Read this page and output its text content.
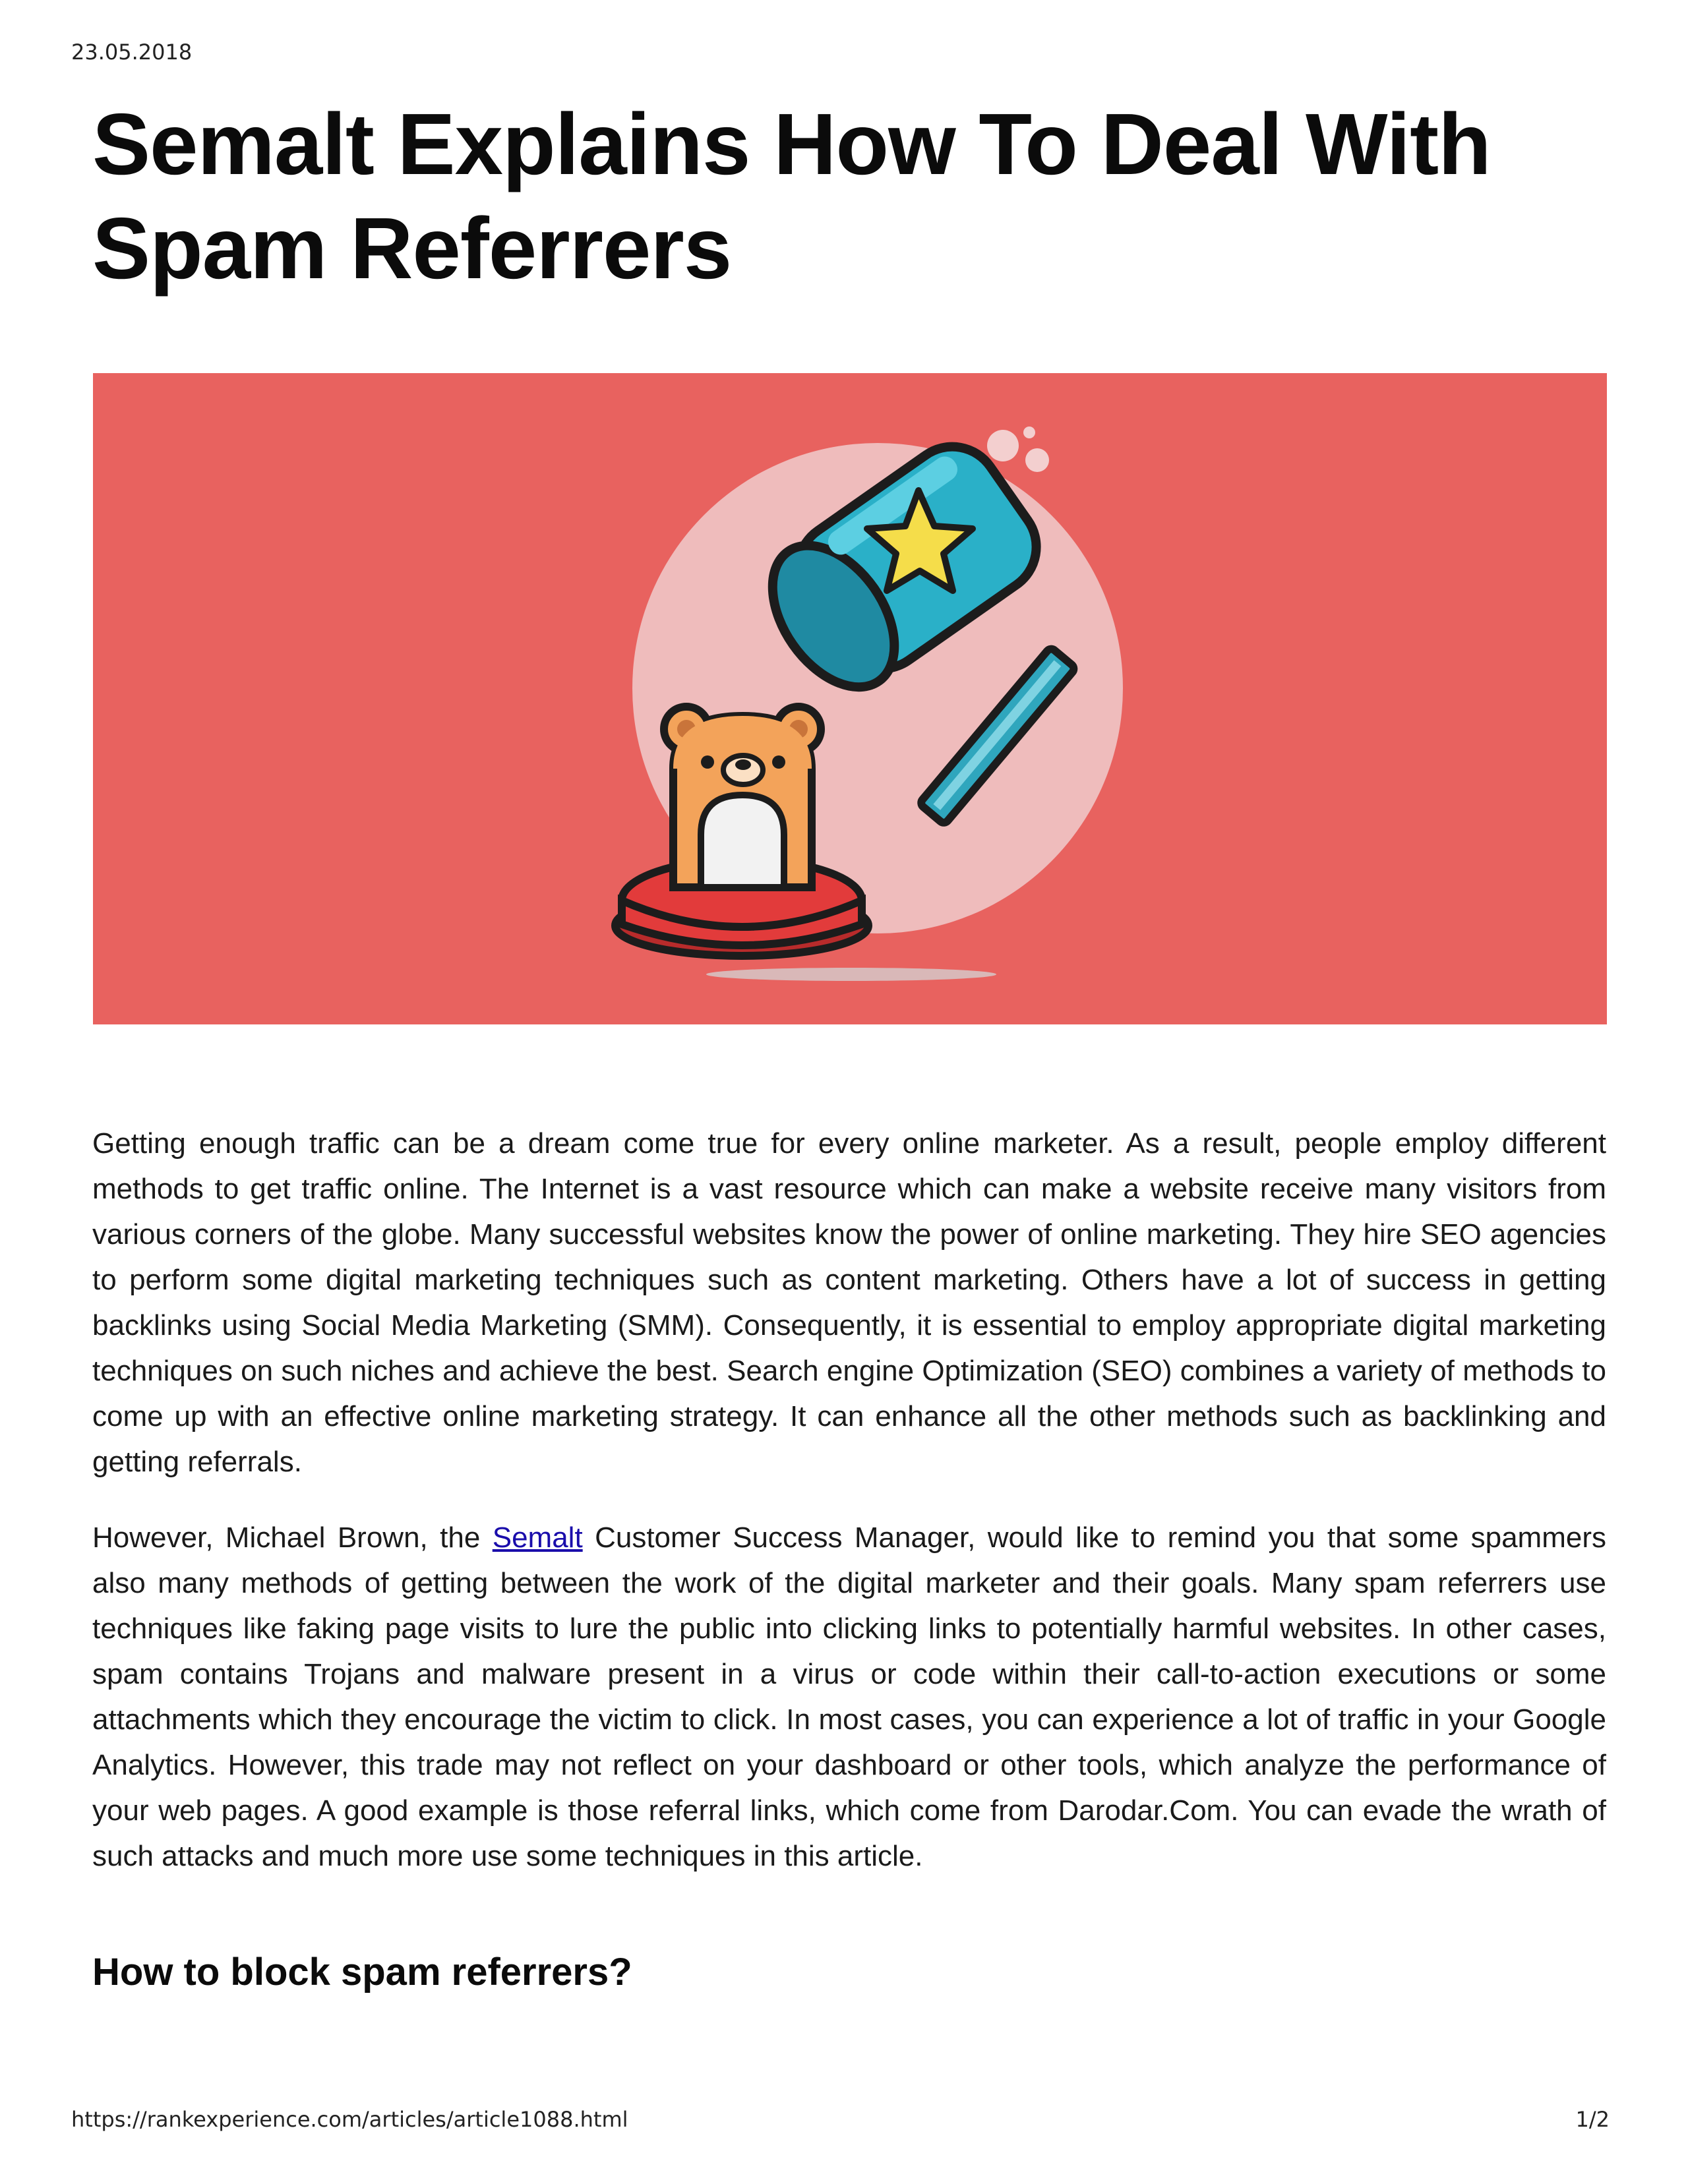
23.05.2018
Semalt Explains How To Deal With Spam Referrers

Getting enough traffic can be a dream come true for every online marketer. As a result, people employ different methods to get traffic online. The Internet is a vast resource which can make a website receive many visitors from various corners of the globe. Many successful websites know the power of online marketing. They hire SEO agencies to perform some digital marketing techniques such as content marketing. Others have a lot of success in getting backlinks using Social Media Marketing (SMM). Consequently, it is essential to employ appropriate digital marketing techniques on such niches and achieve the best. Search engine Optimization (SEO) combines a variety of methods to come up with an effective online marketing strategy. It can enhance all the other methods such as backlinking and getting referrals.

However, Michael Brown, the Semalt Customer Success Manager, would like to remind you that some spammers also many methods of getting between the work of the digital marketer and their goals. Many spam referrers use techniques like faking page visits to lure the public into clicking links to potentially harmful websites. In other cases, spam contains Trojans and malware present in a virus or code within their call-to-action executions or some attachments which they encourage the victim to click. In most cases, you can experience a lot of traffic in your Google Analytics. However, this trade may not reflect on your dashboard or other tools, which analyze the performance of your web pages. A good example is those referral links, which come from Darodar.Com. You can evade the wrath of such attacks and much more use some techniques in this article.

How to block spam referrers?
https://rankexperience.com/articles/article1088.html	1/2
